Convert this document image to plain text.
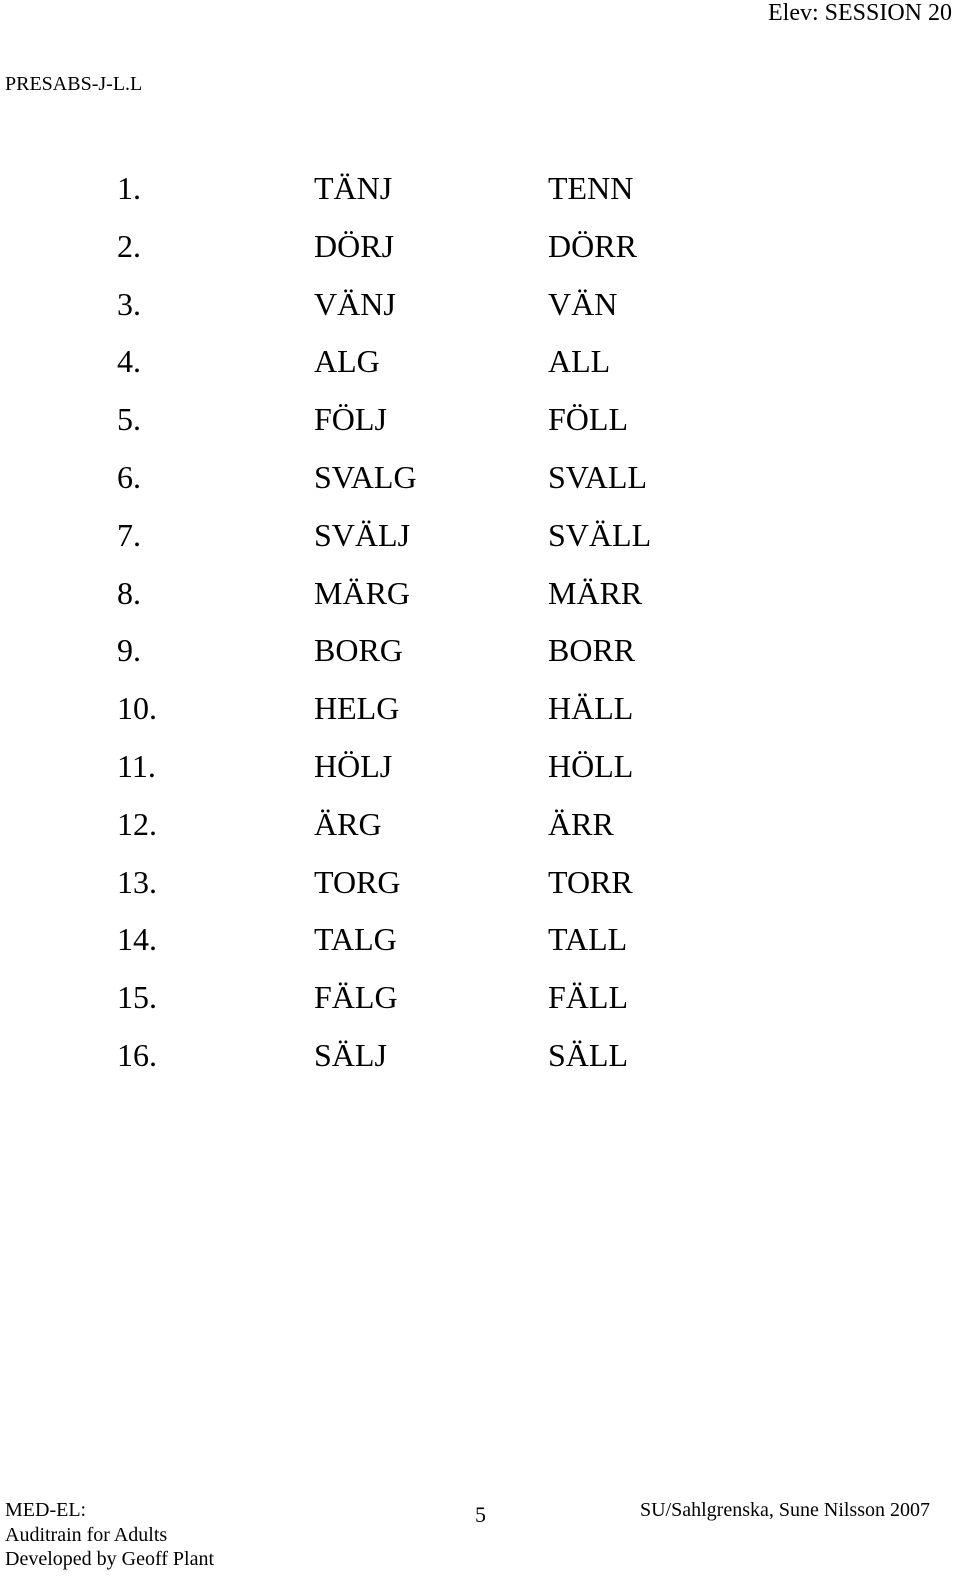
Elev: SESSION 20
PRESABS-J-L.L
1.	TÄNJ	TENN
2.	DÖRJ	DÖRR
3.	VÄNJ	VÄN
4.	ALG	ALL
5.	FÖLJ	FÖLL
6.	SVALG	SVALL
7.	SVÄLJ	SVÄLL
8.	MÄRG	MÄRR
9.	BORG	BORR
10.	HELG	HÄLL
11.	HÖLJ	HÖLL
12.	ÄRG	ÄRR
13.	TORG	TORR
14.	TALG	TALL
15.	FÄLG	FÄLL
16.	SÄLJ	SÄLL
MED-EL:
Auditrain for Adults
Developed by Geoff Plant
5	SU/Sahlgrenska, Sune Nilsson 2007
